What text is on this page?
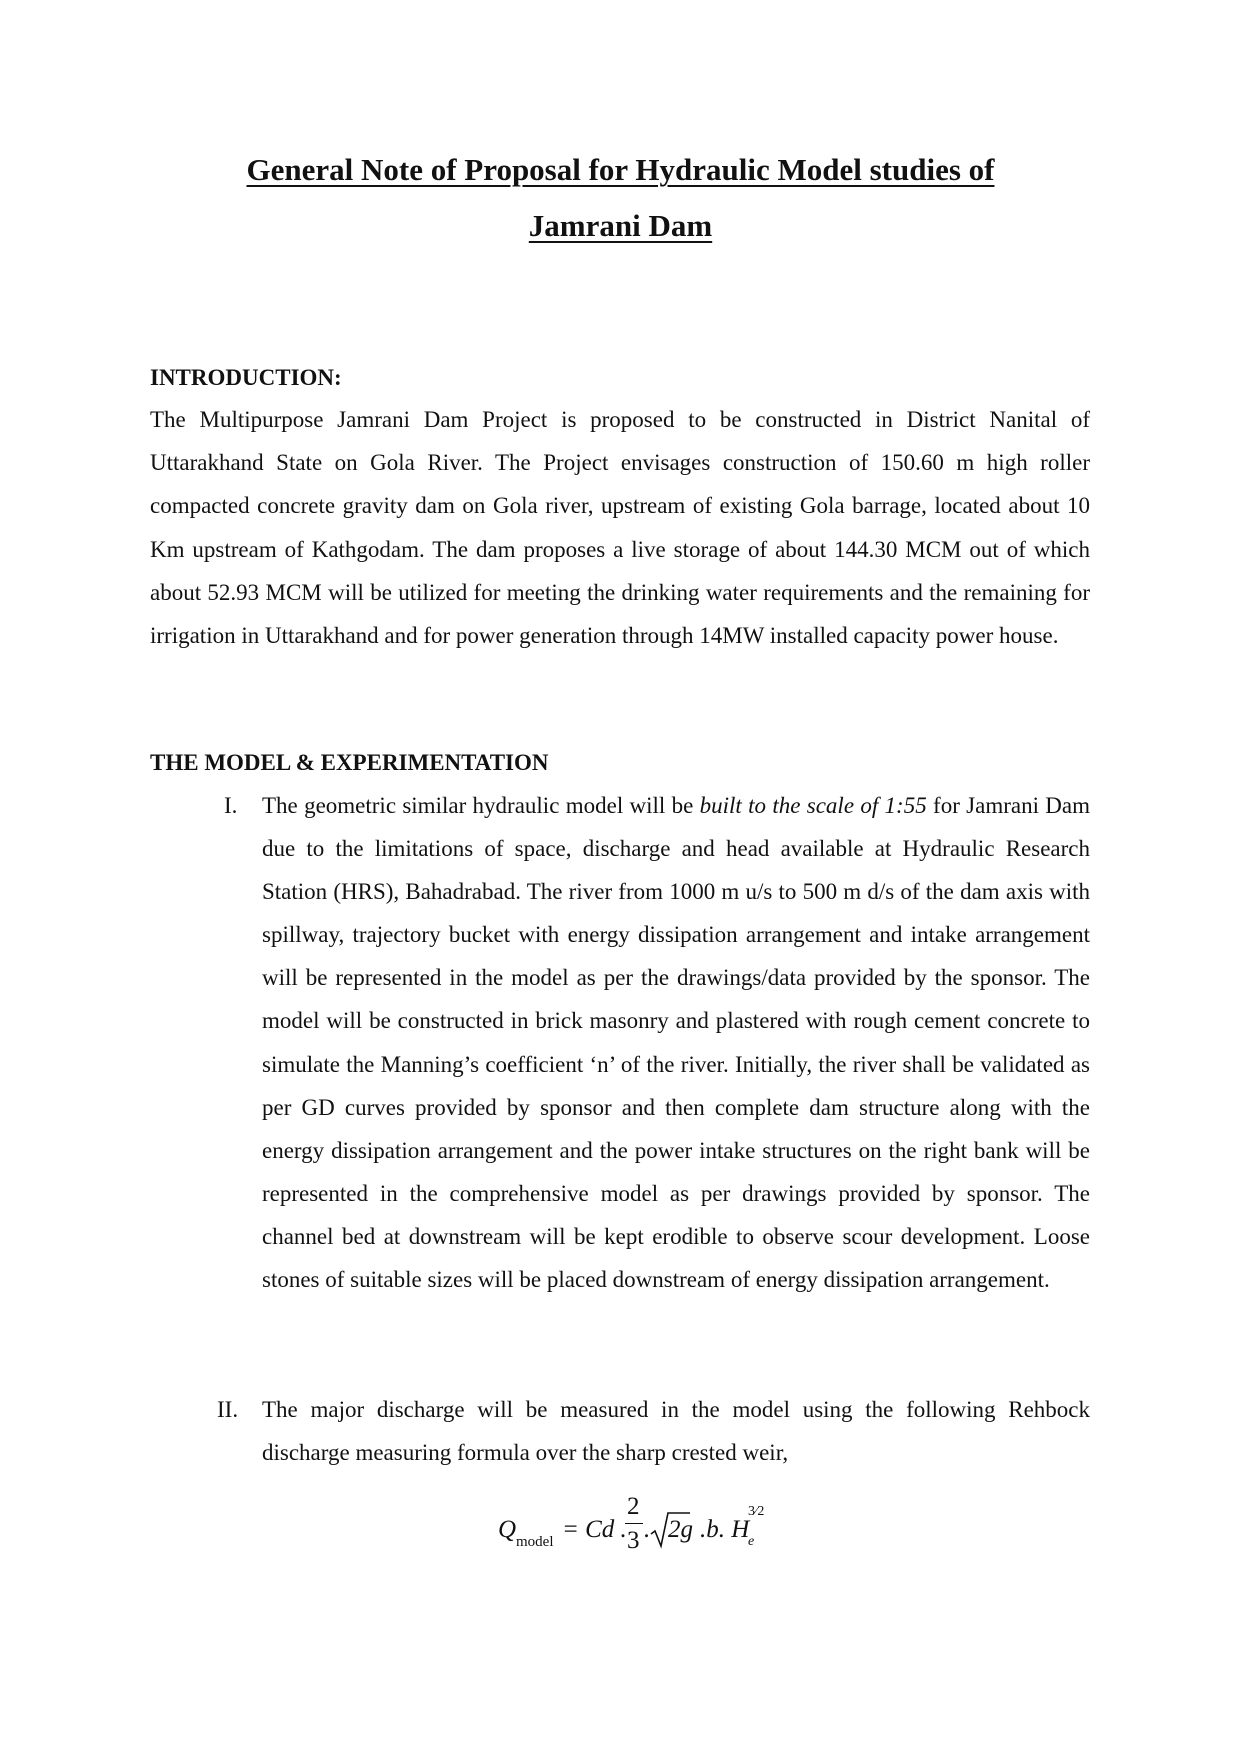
General Note of Proposal for Hydraulic Model studies of
Jamrani Dam
INTRODUCTION:
The Multipurpose Jamrani Dam Project is proposed to be constructed in District Nanital of Uttarakhand State on Gola River. The Project envisages construction of 150.60 m high roller compacted concrete gravity dam on Gola river, upstream of existing Gola barrage, located about 10 Km upstream of Kathgodam. The dam proposes a live storage of about 144.30 MCM out of which about 52.93 MCM will be utilized for meeting the drinking water requirements and the remaining for irrigation in Uttarakhand and for power generation through 14MW installed capacity power house.
THE MODEL & EXPERIMENTATION
I. The geometric similar hydraulic model will be built to the scale of 1:55 for Jamrani Dam due to the limitations of space, discharge and head available at Hydraulic Research Station (HRS), Bahadrabad. The river from 1000 m u/s to 500 m d/s of the dam axis with spillway, trajectory bucket with energy dissipation arrangement and intake arrangement will be represented in the model as per the drawings/data provided by the sponsor. The model will be constructed in brick masonry and plastered with rough cement concrete to simulate the Manning’s coefficient ‘n’ of the river. Initially, the river shall be validated as per GD curves provided by sponsor and then complete dam structure along with the energy dissipation arrangement and the power intake structures on the right bank will be represented in the comprehensive model as per drawings provided by sponsor. The channel bed at downstream will be kept erodible to observe scour development. Loose stones of suitable sizes will be placed downstream of energy dissipation arrangement.
II. The major discharge will be measured in the model using the following Rehbock discharge measuring formula over the sharp crested weir,
Q model = Cd .
2
3 . 2g .b. H
e
3⁄2
